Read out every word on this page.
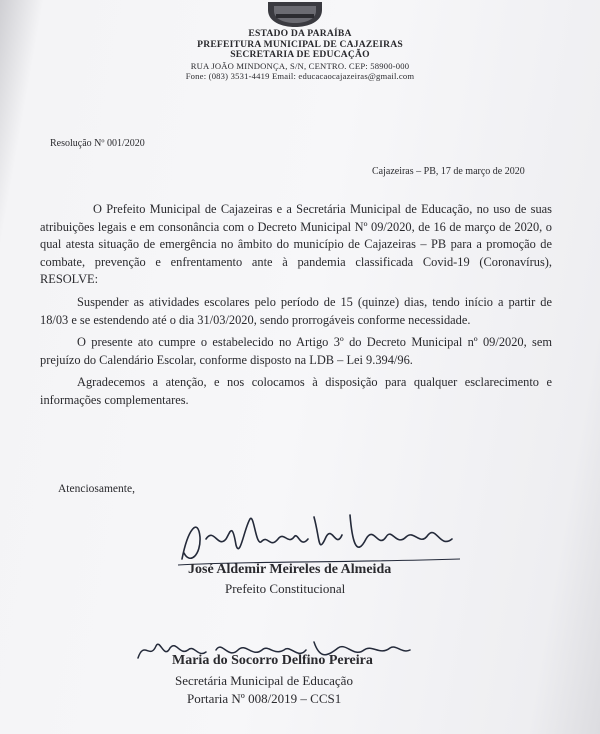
ESTADO DA PARAÍBA
PREFEITURA MUNICIPAL DE CAJAZEIRAS
SECRETARIA DE EDUCAÇÃO
RUA JOÃO MINDONÇA, S/N, CENTRO. CEP: 58900-000
Fone: (083) 3531-4419 Email: educacaocajazeiras@gmail.com
Resolução Nº 001/2020
Cajazeiras – PB, 17 de março de 2020

O Prefeito Municipal de Cajazeiras e a Secretária Municipal de Educação, no uso de suas atribuições legais e em consonância com o Decreto Municipal Nº 09/2020, de 16 de março de 2020, o qual atesta situação de emergência no âmbito do município de Cajazeiras – PB para a promoção de combate, prevenção e enfrentamento ante à pandemia classificada Covid-19 (Coronavírus), RESOLVE:

Suspender as atividades escolares pelo período de 15 (quinze) dias, tendo início a partir de 18/03 e se estendendo até o dia 31/03/2020, sendo prorrogáveis conforme necessidade.

O presente ato cumpre o estabelecido no Artigo 3º do Decreto Municipal nº 09/2020, sem prejuízo do Calendário Escolar, conforme disposto na LDB – Lei 9.394/96.

Agradecemos a atenção, e nos colocamos à disposição para qualquer esclarecimento e informações complementares.

Atenciosamente,
José Aldemir Meireles de Almeida
Prefeito Constitucional
Maria do Socorro Delfino Pereira
Secretária Municipal de Educação
Portaria Nº 008/2019 – CCS1
